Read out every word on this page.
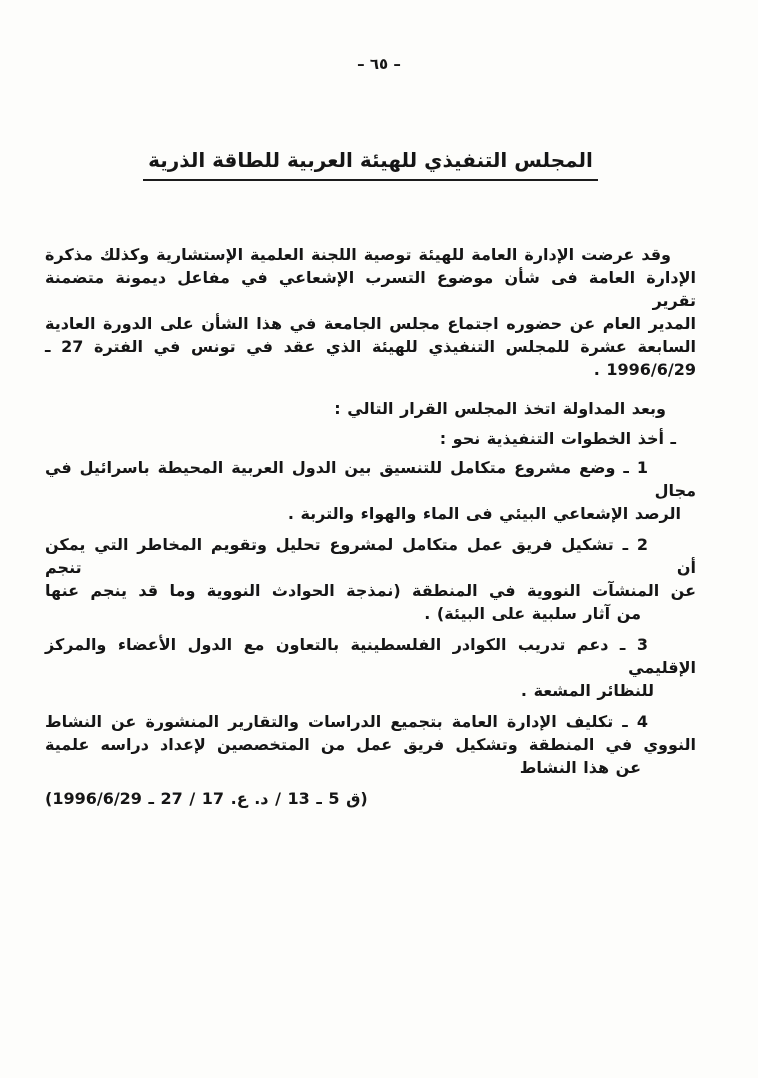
– ٦٥ –
المجلس التنفيذي للهيئة العربية للطاقة الذرية
وقد عرضت الإدارة العامة للهيئة توصية اللجنة العلمية الإستشارية وكذلك مذكرة
الإدارة العامة فى شأن موضوع التسرب الإشعاعي في مفاعل ديمونة متضمنة تقرير
المدير العام عن حضوره اجتماع مجلس الجامعة في هذا الشأن على الدورة العادية
السابعة عشرة للمجلس التنفيذي للهيئة الذي عقد في تونس في الفترة 27 ـ
1996/6/29 .
وبعد المداولة اتخذ المجلس القرار التالي :
ـ أخذ الخطوات التنفيذية نحو :
1 ـ وضع مشروع متكامل للتنسيق بين الدول العربية المحيطة باسرائيل في مجال
الرصد الإشعاعي البيئي فى الماء والهواء والتربة .
2 ـ تشكيل فريق عمل متكامل لمشروع تحليل وتقويم المخاطر التي يمكن أن تنجم
عن المنشآت النووية في المنطقة (نمذجة الحوادث النووية وما قد ينجم عنها
من آثار سلبية على البيئة) .
3 ـ دعم تدريب الكوادر الفلسطينية بالتعاون مع الدول الأعضاء والمركز الإقليمي
للنظائر المشعة .
4 ـ تكليف الإدارة العامة بتجميع الدراسات والتقارير المنشورة عن النشاط
النووي في المنطقة وتشكيل فريق عمل من المتخصصين لإعداد دراسه علمية
عن هذا النشاط
(ق 5 ـ 13 / د. ع. 17 / 27 ـ 1996/6/29)
